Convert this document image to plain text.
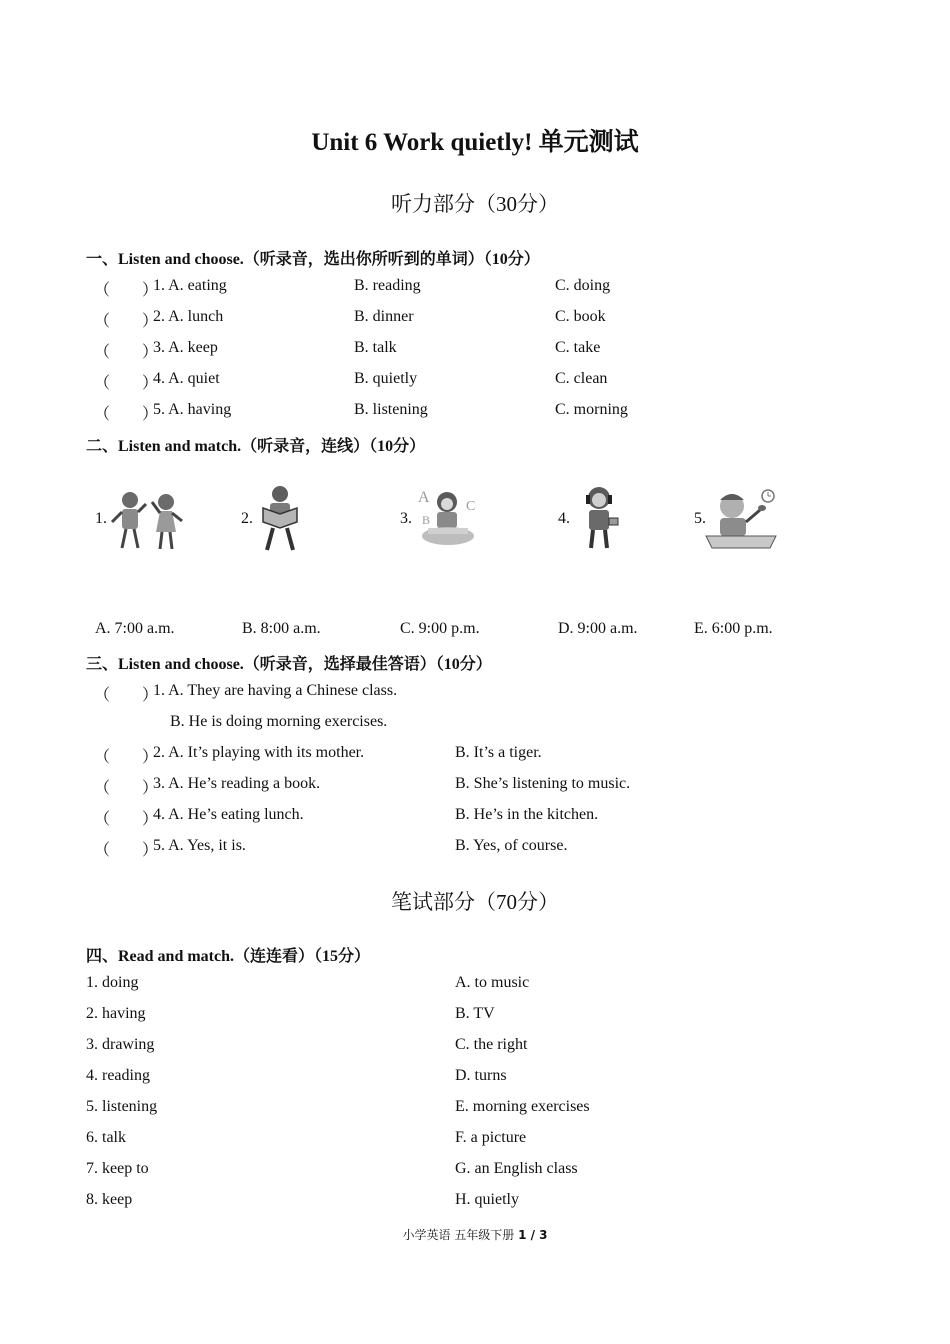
Unit 6 Work quietly! 单元测试
听力部分（30分）
一、Listen and choose.（听录音，选出你所听到的单词）（10分）
（　　）
1. A. eating	B. reading	C. doing
（　　）
2. A. lunch	B. dinner	C. book
（　　）
3. A. keep	B. talk	C. take
（　　）
4. A. quiet	B. quietly	C. clean
（　　）
5. A. having	B. listening	C. morning
二、Listen and match.（听录音，连线）（10分）
1.	2.	3.
A
C
B	4.	5.
A. 7:00 a.m.	B. 8:00 a.m.	C. 9:00 p.m.	D. 9:00 a.m.	E. 6:00 p.m.
三、Listen and choose.（听录音，选择最佳答语）（10分）
（　　）
1. A. They are having a Chinese class.
B. He is doing morning exercises.
（　　）
2. A. It’s playing with its mother.	B. It’s a tiger.
（　　）
3. A. He’s reading a book.	B. She’s listening to music.
（　　）
4. A. He’s eating lunch.	B. He’s in the kitchen.
（　　）
5. A. Yes, it is.	B. Yes, of course.
笔试部分（70分）
四、Read and match.（连连看）（15分）
1. doing	A. to music
2. having	B. TV
3. drawing	C. the right
4. reading	D. turns
5. listening	E. morning exercises
6. talk	F. a picture
7. keep to	G. an English class
8. keep	H. quietly
小学英语 五年级下册 1 / 3
